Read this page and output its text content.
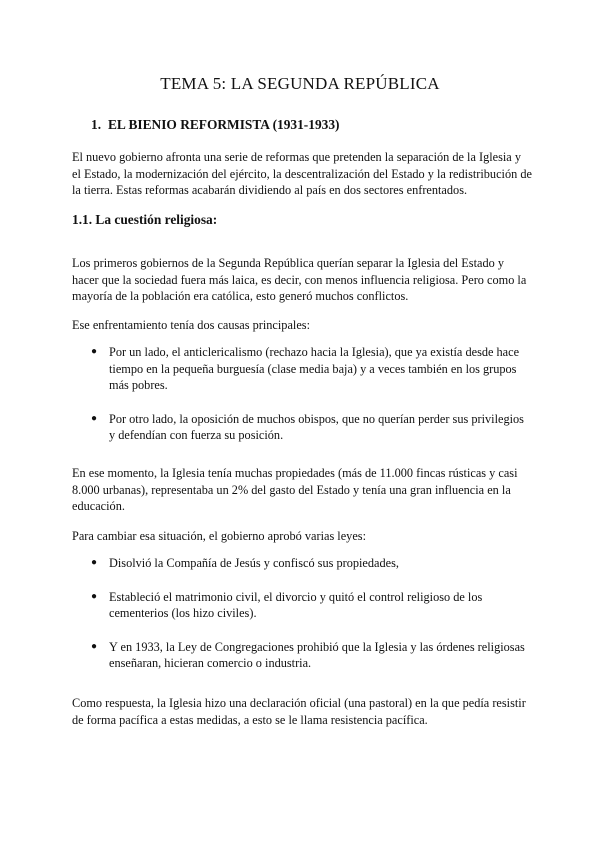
TEMA 5: LA SEGUNDA REPÚBLICA
1. EL BIENIO REFORMISTA (1931-1933)
El nuevo gobierno afronta una serie de reformas que pretenden la separación de la Iglesia y el Estado, la modernización del ejército, la descentralización del Estado y la redistribución de la tierra. Estas reformas acabarán dividiendo al país en dos sectores enfrentados.
1.1. La cuestión religiosa:
Los primeros gobiernos de la Segunda República querían separar la Iglesia del Estado y hacer que la sociedad fuera más laica, es decir, con menos influencia religiosa. Pero como la mayoría de la población era católica, esto generó muchos conflictos.
Ese enfrentamiento tenía dos causas principales:
● Por un lado, el anticlericalismo (rechazo hacia la Iglesia), que ya existía desde hace tiempo en la pequeña burguesía (clase media baja) y a veces también en los grupos más pobres.
● Por otro lado, la oposición de muchos obispos, que no querían perder sus privilegios y defendían con fuerza su posición.
En ese momento, la Iglesia tenía muchas propiedades (más de 11.000 fincas rústicas y casi 8.000 urbanas), representaba un 2% del gasto del Estado y tenía una gran influencia en la educación.
Para cambiar esa situación, el gobierno aprobó varias leyes:
● Disolvió la Compañía de Jesús y confiscó sus propiedades,
● Estableció el matrimonio civil, el divorcio y quitó el control religioso de los cementerios (los hizo civiles).
● Y en 1933, la Ley de Congregaciones prohibió que la Iglesia y las órdenes religiosas enseñaran, hicieran comercio o industria.
Como respuesta, la Iglesia hizo una declaración oficial (una pastoral) en la que pedía resistir de forma pacífica a estas medidas, a esto se le llama resistencia pacífica.
